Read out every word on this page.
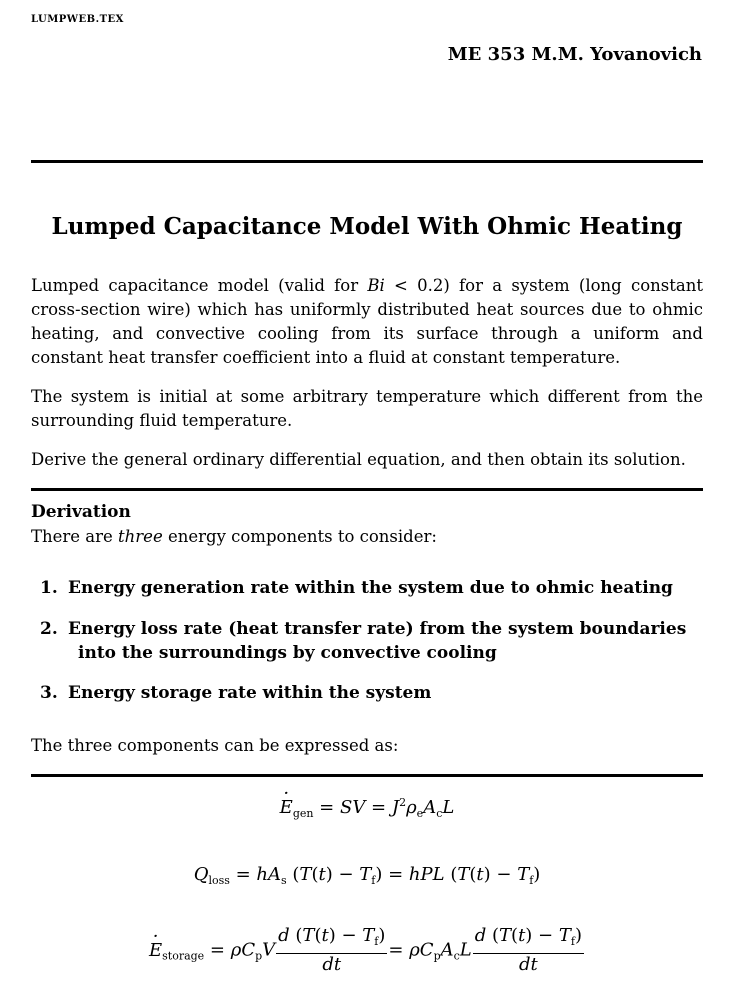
LUMPWEB.TEX
ME 353 M.M. Yovanovich
Lumped Capacitance Model With Ohmic Heating
Lumped capacitance model (valid for Bi < 0.2) for a system (long constant cross-section wire) which has uniformly distributed heat sources due to ohmic heating, and convective cooling from its surface through a uniform and constant heat transfer coefficient into a fluid at constant temperature.
The system is initial at some arbitrary temperature which different from the surrounding fluid temperature.
Derive the general ordinary differential equation, and then obtain its solution.
Derivation
There are three energy components to consider:
1. Energy generation rate within the system due to ohmic heating
2. Energy loss rate (heat transfer rate) from the system boundaries
into the surroundings by convective cooling
3. Energy storage rate within the system
The three components can be expressed as:
· $E_{gen}$ = SV = $J^2\rho_eA_cL$
$Q_{loss} = hA_s$ $(T(t) - T_f)$ = hPL $(T(t) - T_f)$
· $E_{storage} = \rho C_pV \frac{d (T(t) - T_f)}{dt} = \rho C_pA_cL \frac{d (T(t) - T_f)}{dt}$
